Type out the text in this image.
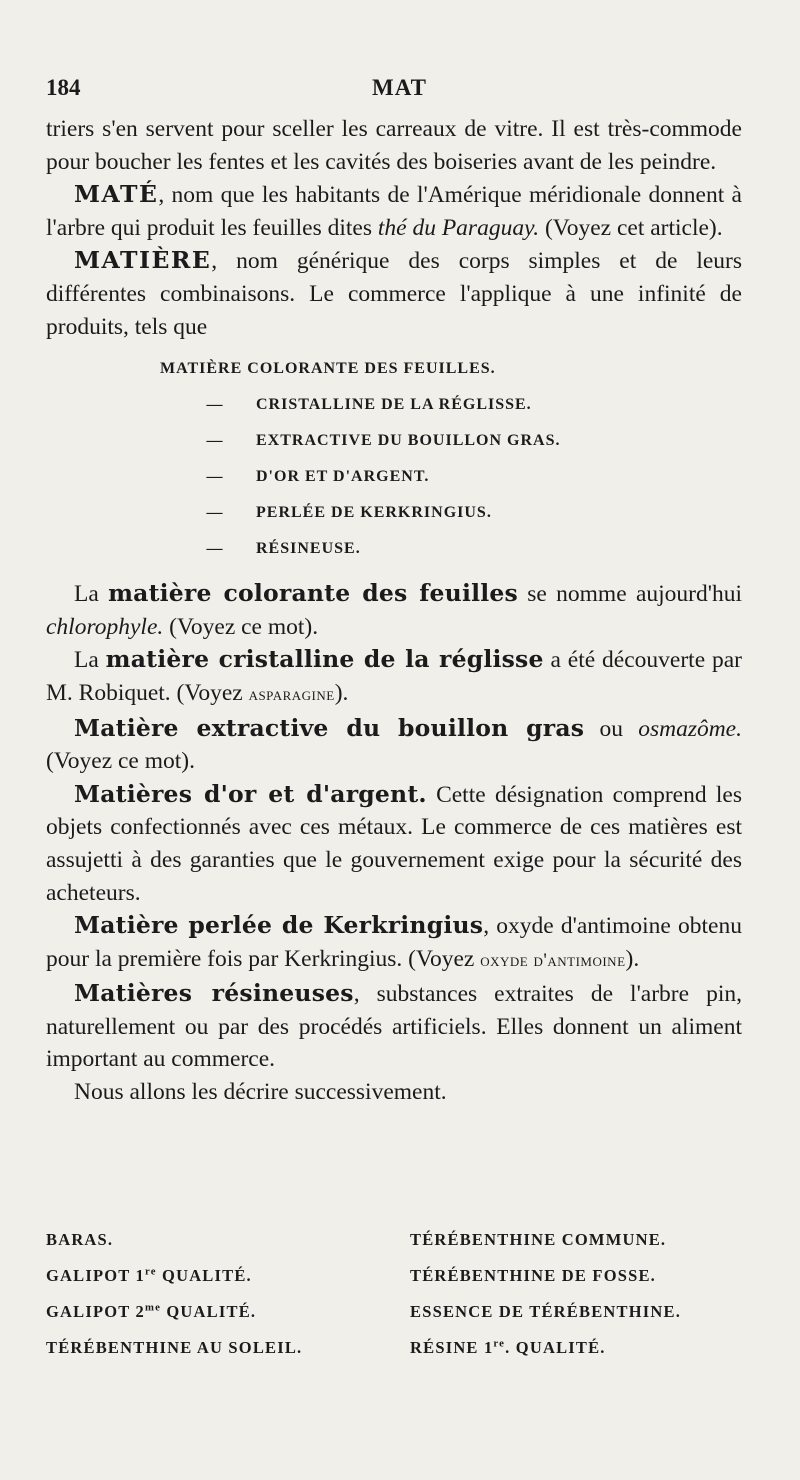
184	MAT

triers s'en servent pour sceller les carreaux de vitre. Il est très-commode pour boucher les fentes et les cavités des boiseries avant de les peindre.

MATÉ, nom que les habitants de l'Amérique méridionale donnent à l'arbre qui produit les feuilles dites thé du Paraguay. (Voyez cet article).

MATIÈRE, nom générique des corps simples et de leurs différentes combinaisons. Le commerce l'applique à une infinité de produits, tels que

MATIÈRE COLORANTE DES FEUILLES.
— CRISTALLINE DE LA RÉGLISSE.
— EXTRACTIVE DU BOUILLON GRAS.
— D'OR ET D'ARGENT.
— PERLÉE DE KERKRINGIUS.
— RÉSINEUSE.

La matière colorante des feuilles se nomme aujourd'hui chlorophyle. (Voyez ce mot).

La matière cristalline de la réglisse a été découverte par M. Robiquet. (Voyez asparagine).

Matière extractive du bouillon gras ou osmazôme. (Voyez ce mot).

Matières d'or et d'argent. Cette désignation comprend les objets confectionnés avec ces métaux. Le commerce de ces matières est assujetti à des garanties que le gouvernement exige pour la sécurité des acheteurs.

Matière perlée de Kerkringius, oxyde d'antimoine obtenu pour la première fois par Kerkringius. (Voyez oxyde d'antimoine).

Matières résineuses, substances extraites de l'arbre pin, naturellement ou par des procédés artificiels. Elles donnent un aliment important au commerce.

Nous allons les décrire successivement.

BARAS.
GALIPOT 1re QUALITÉ.
GALIPOT $2^{me}$ QUALITÉ.
TÉRÉBENTHINE AU SOLEIL.
TÉRÉBENTHINE COMMUNE.
TÉRÉBENTHINE DE FOSSE.
ESSENCE DE TÉRÉBENTHINE.
RÉSINE 1re. QUALITÉ.
